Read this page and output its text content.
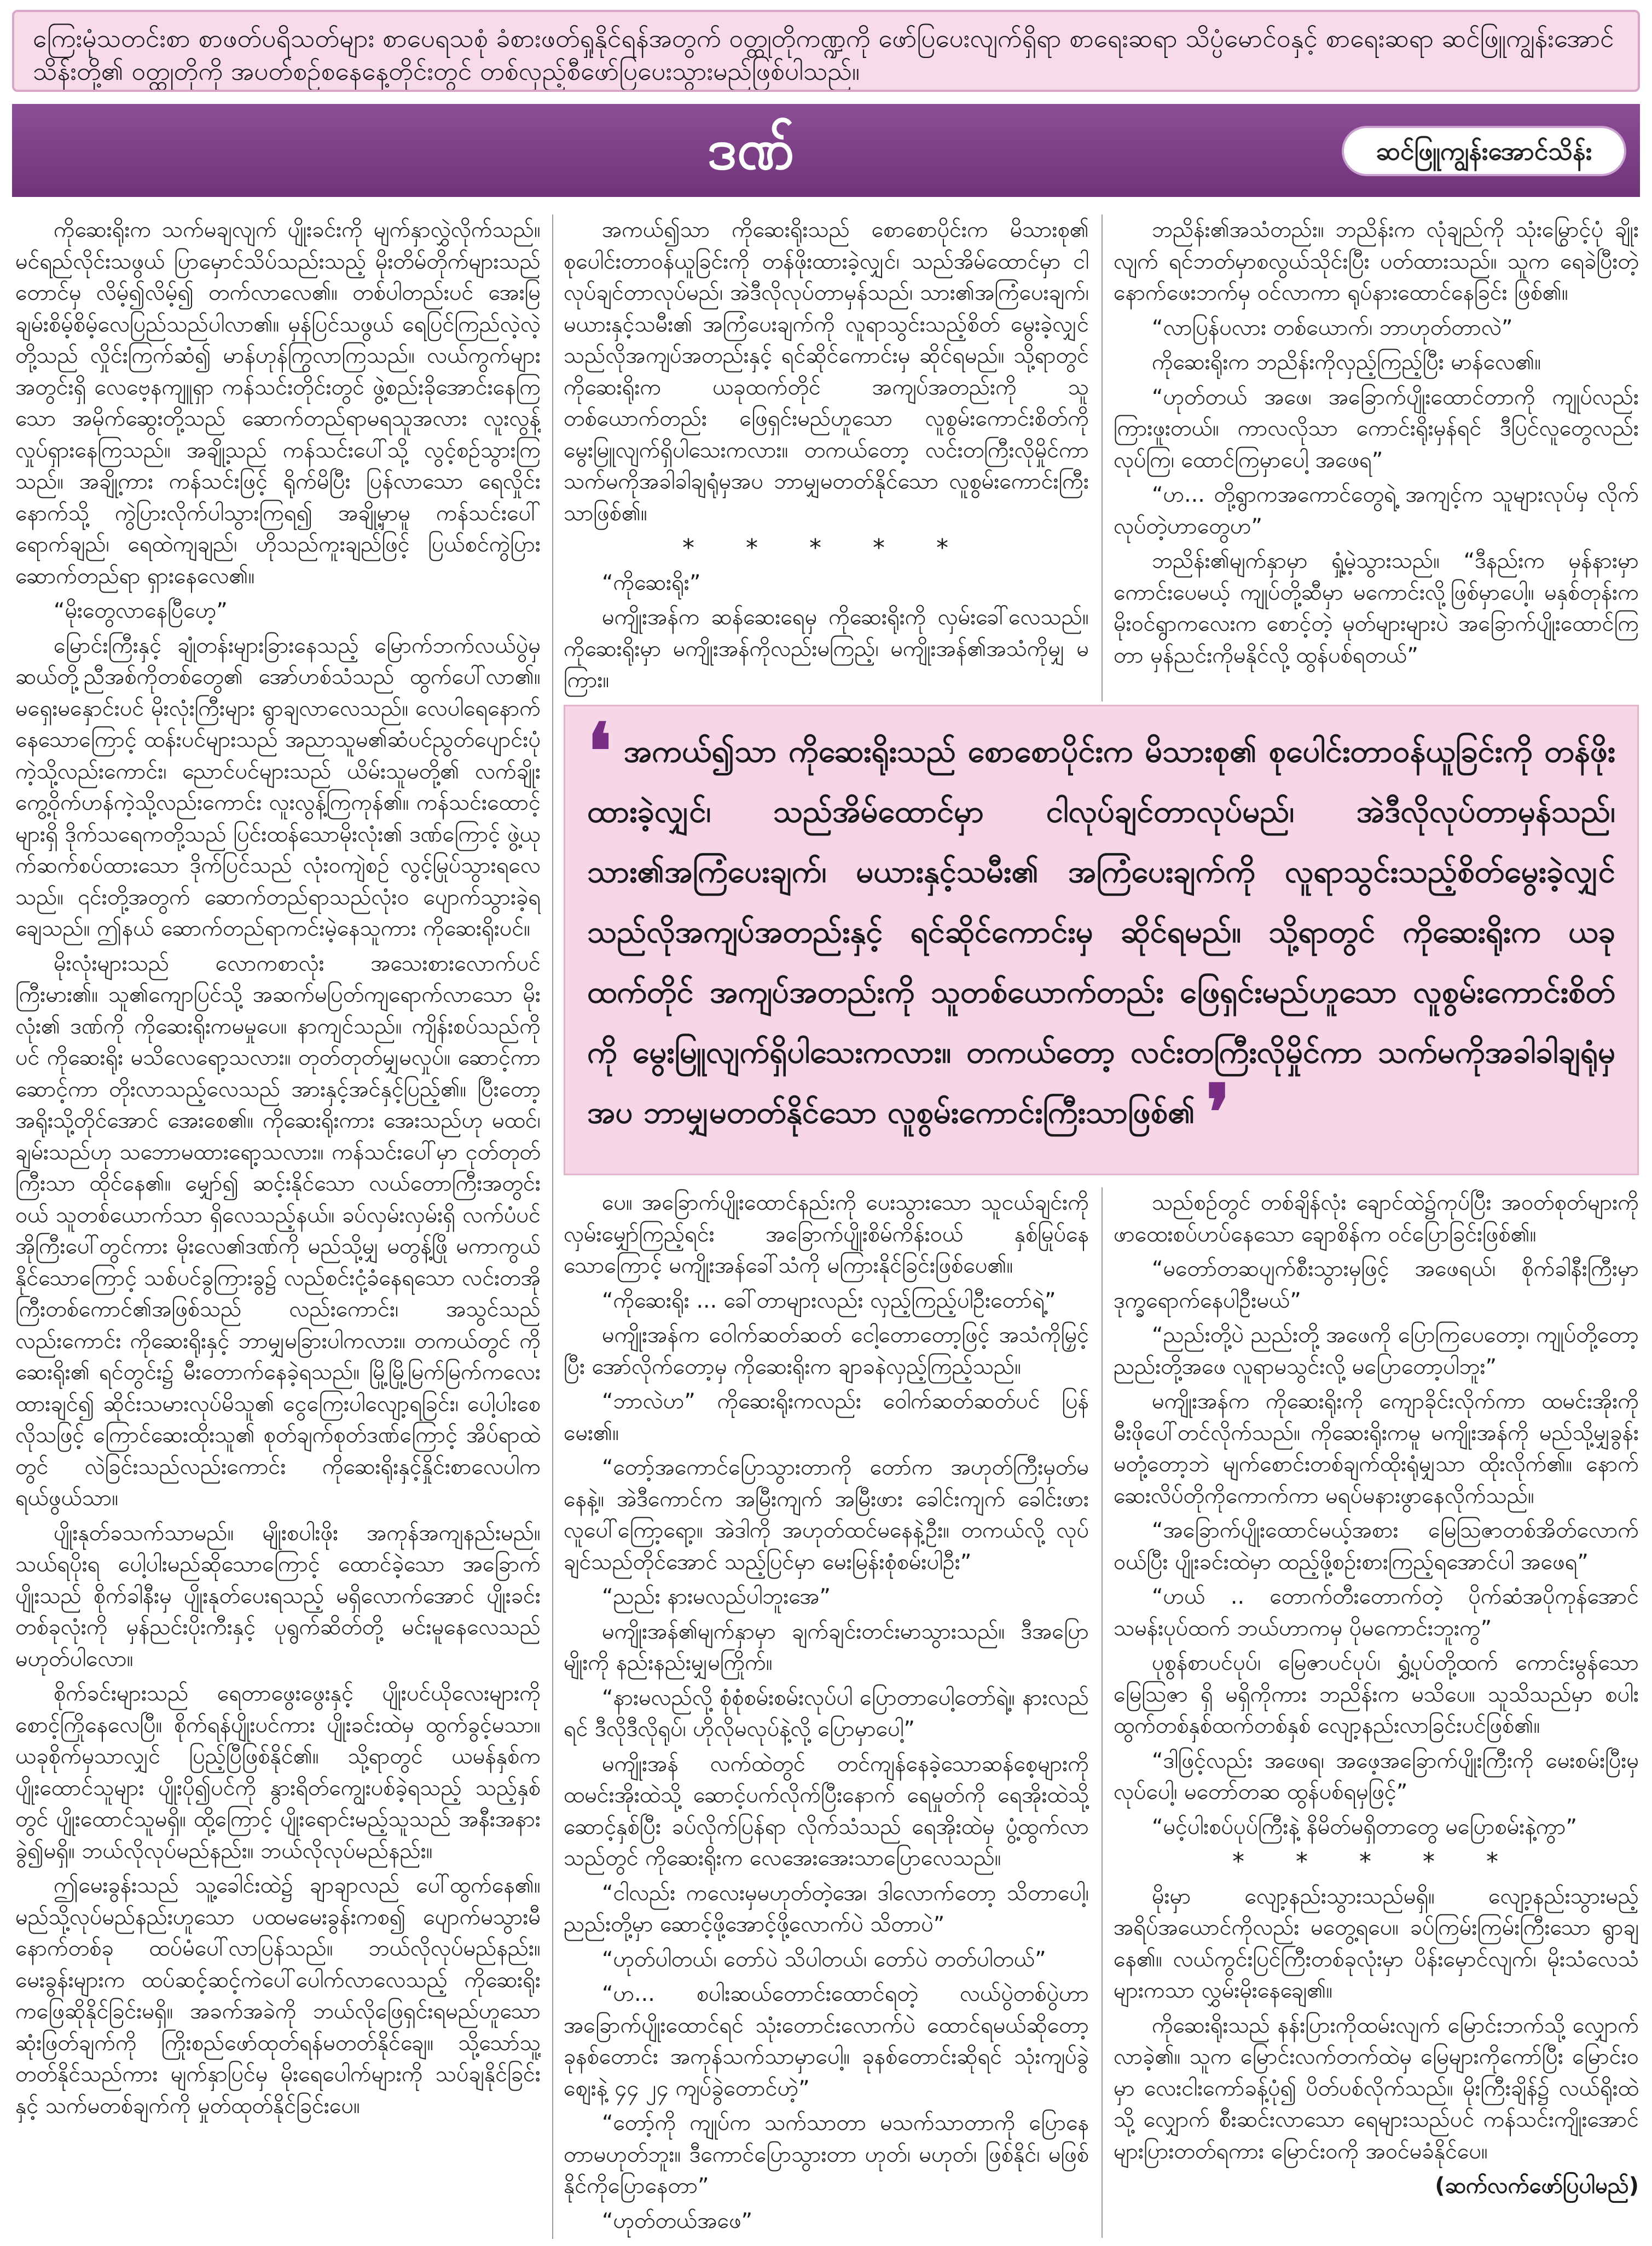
ကြေးမုံသတင်းစာ စာဖတ်ပရိသတ်များ စာပေရသစုံ ခံစားဖတ်ရှုနိုင်ရန်အတွက် ဝတ္ထုတိုကဏ္ဍကို ဖော်ပြပေးလျက်ရှိရာ စာရေးဆရာ သိပ္ပံမောင်ဝနှင့် စာရေးဆရာ ဆင်ဖြူကျွန်းအောင်သိန်းတို့၏ ဝတ္ထုတိုကို အပတ်စဉ်စနေနေ့တိုင်းတွင် တစ်လှည့်စီဖော်ပြပေးသွားမည်ဖြစ်ပါသည်။
ဒဏ်	ဆင်ဖြူကျွန်းအောင်သိန်း

ကိုဆေးရိုးက သက်မချလျက် ပျိုးခင်းကို မျက်နှာလွှဲလိုက်သည်။ မင်ရည်လိုင်းသဖွယ် ပြာမှောင်သိပ်သည်းသည့် မိုးတိမ်တိုက်များသည် တောင်မှ လိမ့်၍လိမ့်၍ တက်လာလေ၏။ တစ်ပါတည်းပင် အေးမြချမ်းစိမ့်စိမ့်လေပြည်သည်ပါလာ၏။ မှန်ပြင်သဖွယ် ရေပြင်ကြည်လဲ့လဲ့တို့သည် လှိုင်းကြက်ဆံ၍ မာန်ဟုန်ကြွလာကြသည်။ လယ်ကွက်များအတွင်းရှိ လေဗေ့နကျူရှာ ကန်သင်းတိုင်းတွင် ဖွဲ့စည်းခိုအောင်းနေကြသော အမိုက်ဆွေးတို့သည် ဆောက်တည်ရာမရသူအလား လူးလွန့်လှုပ်ရှားနေကြသည်။ အချို့သည် ကန်သင်းပေါ်သို့ လွင့်စဉ်သွားကြသည်။ အချို့ကား ကန်သင်းဖြင့် ရိုက်မိပြီး ပြန်လာသော ရေလှိုင်းနောက်သို့ ကွဲပြားလိုက်ပါသွားကြရ၍ အချို့မှာမူ ကန်သင်းပေါ် ရောက်ချည်၊ ရေထဲကျချည်၊ ဟိုသည်ကူးချည်ဖြင့် ပြယ်စင်ကွဲပြားဆောက်တည်ရာ ရှားနေလေ၏။

“မိုးတွေလာနေပြီဟေ့”

မြောင်းကြီးနှင့် ချုံတန်းများခြားနေသည့် မြောက်ဘက်လယ်ပွဲမှ ဆယ်တို့ညီအစ်ကိုတစ်တွေ၏ အော်ဟစ်သံသည် ထွက်ပေါ်လာ၏။ မရှေးမနှောင်းပင် မိုးလုံးကြီးများ ရွာချလာလေသည်။ လေပါရေနောက်နေသောကြောင့် ထန်းပင်များသည် အညာသူမ၏ဆံပင်ညွတ်ပျောင်းပုံကဲ့သို့လည်းကောင်း၊ ညောင်ပင်များသည် ယိမ်းသူမတို့၏ လက်ချိုးကွေ့ဝိုက်ဟန်ကဲ့သို့လည်းကောင်း လူးလွန့်ကြကုန်၏။ ကန်သင်းထောင့်များရှိ ဒိုက်သရေကတို့သည် ပြင်းထန်သောမိုးလုံး၏ ဒဏ်ကြောင့် ဖွဲ့ယုက်ဆက်စပ်ထားသော ဒိုက်ပြင်သည် လုံးဝကျဲစဉ် လွင့်မြုပ်သွားရလေသည်။ ၎င်းတို့အတွက် ဆောက်တည်ရာသည်လုံးဝ ပျောက်သွားခဲ့ရချေသည်။ ဤနယ် ဆောက်တည်ရာကင်းမဲ့နေသူကား ကိုဆေးရိုးပင်။

မိုးလုံးများသည် လောကစာလုံး အသေးစားလောက်ပင်ကြီးမား၏။ သူ၏ကျောပြင်သို့ အဆက်မပြတ်ကျရောက်လာသော မိုးလုံး၏ ဒဏ်ကို ကိုဆေးရိုးကမမှုပေ။ နာကျင်သည်။ ကျိန်းစပ်သည်ကိုပင် ကိုဆေးရိုး မသိလေရော့သလား။ တုတ်တုတ်မျှမလှုပ်။ ဆောင့်ကာဆောင့်ကာ တိုးလာသည့်လေသည် အားနှင့်အင်နှင့်ပြည့်၏။ ပြီးတော့ အရိုးသို့တိုင်အောင် အေးစေ၏။ ကိုဆေးရိုးကား အေးသည်ဟု မထင်၊ ချမ်းသည်ဟု သဘောမထားရော့သလား။ ကန်သင်းပေါ်မှာ ငုတ်တုတ်ကြီးသာ ထိုင်နေ၏။ မျှော်၍ ဆင့်းနိုင်သော လယ်တောကြီးအတွင်းဝယ် သူတစ်ယောက်သာ ရှိလေသည့်နယ်။ ခပ်လှမ်းလှမ်းရှိ လက်ပံပင်အိုကြီးပေါ်တွင်ကား မိုးလေ၏ဒဏ်ကို မည်သို့မျှ မတွန့်ဖြို မကာကွယ်နိုင်သောကြောင့် သစ်ပင်ခွကြားခွ၌ လည်စင်းငုံ့ခံနေရသော လင်းတအိုကြီးတစ်ကောင်၏အဖြစ်သည် လည်းကောင်း၊ အသွင်သည်လည်းကောင်း ကိုဆေးရိုးနှင့် ဘာမျှမခြားပါကလား။ တကယ်တွင် ကိုဆေးရိုး၏ ရင်တွင်း၌ မီးတောက်နေခဲ့ရသည်။ မြို့မြို့မြက်မြက်ကလေးထားချင်၍ ဆိုင်းသမားလုပ်မိသူ၏ ငွေကြေးပါလျော့ရခြင်း၊ ပေါ့ပါးစေလိုသဖြင့် ကြောင်ဆေးထိုးသူ၏ စုတ်ချက်စုတ်ဒဏ်ကြောင့် အိပ်ရာထဲတွင် လဲခြင်းသည်လည်းကောင်း ကိုဆေးရိုးနှင့်နှိုင်းစာလေပါက ရယ်ဖွယ်သာ။

ပျိုးနုတ်ခသက်သာမည်။ မျိုးစပါးဖိုး အကုန်အကျနည်းမည်။ သယ်ရပိုးရ ပေါ့ပါးမည်ဆိုသောကြောင့် ထောင်ခဲ့သော အခြောက်ပျိုးသည် စိုက်ခါနီးမှ ပျိုးနုတ်ပေးရသည့် မရှိလောက်အောင် ပျိုးခင်းတစ်ခုလုံးကို မှန်ညင်းပိုးကီးနှင့် ပုရွက်ဆိတ်တို့ မင်းမူနေလေသည် မဟုတ်ပါလော။

စိုက်ခင်းများသည် ရေတာဖွေးဖွေးနှင့် ပျိုးပင်ယိုလေးများကို စောင့်ကြိုနေလေပြီ။ စိုက်ရန်ပျိုးပင်ကား ပျိုးခင်းထဲမှ ထွက်ခွင့်မသာ။ ယခုစိုက်မှသာလျှင် ပြည့်ပြီဖြစ်နိုင်၏။ သို့ရာတွင် ယမန်နှစ်က ပျိုးထောင်သူများ ပျိုးပို၍ပင်ကို နွားရိတ်ကျွေးပစ်ခဲ့ရသည့် သည့်နှစ်တွင် ပျိုးထောင်သူမရှိ။ ထို့ကြောင့် ပျိုးရောင်းမည့်သူသည် အနီးအနားခွဲ၍မရှိ။ ဘယ်လိုလုပ်မည်နည်း။ ဘယ်လိုလုပ်မည်နည်း။

ဤမေးခွန်းသည် သူ့ခေါင်းထဲ၌ ချာချာလည် ပေါ်ထွက်နေ၏။ မည်သို့လုပ်မည်နည်းဟူသော ပထမမေးခွန်းကစ၍ ပျောက်မသွားမီ နောက်တစ်ခု ထပ်မံပေါ်လာပြန်သည်။ ဘယ်လိုလုပ်မည်နည်း။ မေးခွန်းများက ထပ်ဆင့်ဆင့်ကဲပေါ်ပေါက်လာလေသည့် ကိုဆေးရိုး ကဖြေဆိုနိုင်ခြင်းမရှိ။ အခက်အခဲကို ဘယ်လိုဖြေရှင်းရမည်ဟူသော ဆုံးဖြတ်ချက်ကို ကြိုးစည်ဖော်ထုတ်ရန်မတတ်နိုင်ချေ။ သို့သော်သူ့တတ်နိုင်သည်ကား မျက်နှာပြင်မှ မိုးရေပေါက်များကို သပ်ချနိုင်ခြင်းနှင့် သက်မတစ်ချက်ကို မှုတ်ထုတ်နိုင်ခြင်းပေ။

အကယ်၍သာ ကိုဆေးရိုးသည် စောစောပိုင်းက မိသားစု၏ စုပေါင်းတာဝန်ယူခြင်းကို တန်ဖိုးထားခဲ့လျှင်၊ သည်အိမ်ထောင်မှာ ငါလုပ်ချင်တာလုပ်မည်၊ အဲဒီလိုလုပ်တာမှန်သည်၊ သား၏အကြံပေးချက်၊ မယားနှင့်သမီး၏ အကြံပေးချက်ကို လူရာသွင်းသည့်စိတ် မွေးခဲ့လျှင် သည်လိုအကျပ်အတည်းနှင့် ရင်ဆိုင်ကောင်းမှ ဆိုင်ရမည်။ သို့ရာတွင် ကိုဆေးရိုးက ယခုထက်တိုင် အကျပ်အတည်းကို သူတစ်ယောက်တည်း ဖြေရှင်းမည်ဟူသော လူစွမ်းကောင်းစိတ်ကို မွေးမြူလျက်ရှိပါသေးကလား။ တကယ်တော့ လင်းတကြီးလိုမှိုင်ကာ သက်မကိုအခါခါချရုံမှအပ ဘာမျှမတတ်နိုင်သော လူစွမ်းကောင်းကြီးသာဖြစ်၏။

* * * * *

“ကိုဆေးရိုး”

မကျိုးအန်က ဆန်ဆေးရေမှ ကိုဆေးရိုးကို လှမ်းခေါ်လေသည်။ ကိုဆေးရိုးမှာ မကျိုးအန်ကိုလည်းမကြည့်၊ မကျိုးအန်၏အသံကိုမျှ မကြား။

ဘညိန်း၏အသံတည်း။ ဘညိန်းက လုံချည်ကို သုံးမြွောင့်ပုံ ချိုးလျက် ရင်ဘတ်မှာစလွယ်သိုင်းပြီး ပတ်ထားသည်။ သူက ရေခဲပြီးတဲ့နောက်ဖေးဘက်မှ ဝင်လာကာ ရုပ်နားထောင်နေခြင်း ဖြစ်၏။

“လာပြန်ပလား တစ်ယောက်၊ ဘာဟုတ်တာလဲ”

ကိုဆေးရိုးက ဘညိန်းကိုလှည့်ကြည့်ပြီး မာန်လေ၏။

“ဟုတ်တယ် အဖေ၊ အခြောက်ပျိုးထောင်တာကို ကျုပ်လည်း ကြားဖူးတယ်။ ကာလလိုသာ ကောင်းရိုးမှန်ရင် ဒီပြင်လူတွေလည်း လုပ်ကြ၊ ထောင်ကြမှာပေါ့ အဖေရ”

“ဟ... တို့ရွာကအကောင်တွေရဲ့ အကျင့်က သူများလုပ်မှ လိုက်လုပ်တဲ့ဟာတွေဟ”

ဘညိန်း၏မျက်နှာမှာ ရှုံ့မဲ့သွားသည်။ “ဒီနည်းက မှန်နားမှာ ကောင်းပေမယ့် ကျုပ်တို့ဆီမှာ မကောင်းလို့ဖြစ်မှာပေါ့။ မနှစ်တုန်းက မိုးဝင်ရွာကလေးက စောင့်တဲ့ မုတ်များများပဲ အခြောက်ပျိုးထောင်ကြတာ မှန်ညင်းကိုမနိုင်လို့ ထွန်ပစ်ရတယ်”

❛ အကယ်၍သာ ကိုဆေးရိုးသည် စောစောပိုင်းက မိသားစု၏ စုပေါင်းတာဝန်ယူခြင်းကို တန်ဖိုးထားခဲ့လျှင်၊ သည်အိမ်ထောင်မှာ ငါလုပ်ချင်တာလုပ်မည်၊ အဲဒီလိုလုပ်တာမှန်သည်၊ သား၏အကြံပေးချက်၊ မယားနှင့်သမီး၏ အကြံပေးချက်ကို လူရာသွင်းသည့်စိတ်မွေးခဲ့လျှင် သည်လိုအကျပ်အတည်းနှင့် ရင်ဆိုင်ကောင်းမှ ဆိုင်ရမည်။ သို့ရာတွင် ကိုဆေးရိုးက ယခုထက်တိုင် အကျပ်အတည်းကို သူတစ်ယောက်တည်း ဖြေရှင်းမည်ဟူသော လူစွမ်းကောင်းစိတ်ကို မွေးမြူလျက်ရှိပါသေးကလား။ တကယ်တော့ လင်းတကြီးလိုမှိုင်ကာ သက်မကိုအခါခါချရုံမှအပ ဘာမျှမတတ်နိုင်သော လူစွမ်းကောင်းကြီးသာဖြစ်၏ ❜

ပေ။ အခြောက်ပျိုးထောင်နည်းကို ပေးသွားသော သူငယ်ချင်းကို လှမ်းမျှော်ကြည့်ရင်း အခြောက်ပျိုးစိမ်ကိန်းဝယ် နှစ်မြုပ်နေသောကြောင့် မကျိုးအန်ခေါ်သံကို မကြားနိုင်ခြင်းဖြစ်ပေ၏။

“ကိုဆေးရိုး ... ခေါ်တာများလည်း လှည့်ကြည့်ပါဦးတော်ရဲ့”

မကျိုးအန်က ဝေါက်ဆတ်ဆတ် ငေါ့တောတော့ဖြင့် အသံကိုမြှင့်ပြီး အော်လိုက်တော့မှ ကိုဆေးရိုးက ချာခနဲလှည့်ကြည့်သည်။

“ဘာလဲဟ” ကိုဆေးရိုးကလည်း ဝေါက်ဆတ်ဆတ်ပင် ပြန်မေး၏။

“တော့်အကောင်ပြောသွားတာကို တော်က အဟုတ်ကြီးမှတ်မနေနဲ့။ အဲဒီကောင်က အမြီးကျက် အမြီးဖား ခေါင်းကျက် ခေါင်းဖားလူပေါ်ကြော့ရော့။ အဲဒါကို အဟုတ်ထင်မနေနဲ့ဦး။ တကယ်လို့ လုပ်ချင်သည်တိုင်အောင် သည့်ပြင်မှာ မေးမြန်းစုံစမ်းပါဦး”

“ညည်း နားမလည်ပါဘူးအေ”

မကျိုးအန်၏မျက်နှာမှာ ချက်ချင်းတင်းမာသွားသည်။ ဒီအပြောမျိုးကို နည်းနည်းမျှမကြိုက်။

“နားမလည်လို့ စုံစုံစမ်းစမ်းလုပ်ပါ ပြောတာပေါ့တော်ရဲ့။ နားလည်ရင် ဒီလိုဒီလိုရုပ်၊ ဟိုလိုမလုပ်နဲ့လို့ ပြောမှာပေါ့”

မကျိုးအန် လက်ထဲတွင် တင်ကျန်နေခဲ့သောဆန်စေ့များကို ထမင်းအိုးထဲသို့ ဆောင့်ပက်လိုက်ပြီးနောက် ရေမှုတ်ကို ရေအိုးထဲသို့ ဆောင့်နှစ်ပြီး ခပ်လိုက်ပြန်ရာ လိုက်သံသည် ရေအိုးထဲမှ ပွံ့ထွက်လာသည်တွင် ကိုဆေးရိုးက လေအေးအေးသာပြောလေသည်။

“ငါလည်း ကလေးမှမဟုတ်တဲ့အေ၊ ဒါလောက်တော့ သိတာပေါ့၊ ညည်းတို့မှာ ဆောင့်ဖို့အောင့်ဖို့လောက်ပဲ သိတာပဲ”

“ဟုတ်ပါတယ်၊ တော်ပဲ သိပါတယ်၊ တော်ပဲ တတ်ပါတယ်”

“ဟ... စပါးဆယ်တောင်းထောင်ရတဲ့ လယ်ပွဲတစ်ပွဲဟာ အခြောက်ပျိုးထောင်ရင် သုံးတောင်းလောက်ပဲ ထောင်ရမယ်ဆိုတော့ ခုနစ်တောင်း အကုန်သက်သာမှာပေါ့။ ခုနစ်တောင်းဆိုရင် သုံးကျပ်ခွဲစျေးနဲ့ ၄၄ ၂၄ ကျပ်ခွဲတောင်ဟဲ့”

“တော့်ကို ကျုပ်က သက်သာတာ မသက်သာတာကို ပြောနေတာမဟုတ်ဘူး။ ဒီကောင်ပြောသွားတာ ဟုတ်၊ မဟုတ်၊ ဖြစ်နိုင်၊ မဖြစ်နိုင်ကိုပြောနေတာ”

“ဟုတ်တယ်အဖေ”

သည်စဉ်တွင် တစ်ချိန်လုံး ချောင်ထဲ၌ကုပ်ပြီး အဝတ်စုတ်များကို ဖာထေးစပ်ဟပ်နေသော ချောစိန်က ဝင်ပြောခြင်းဖြစ်၏။

“မတော်တဆပျက်စီးသွားမှဖြင့် အဖေရယ်၊ စိုက်ခါနီးကြီးမှာ ဒုက္ခရောက်နေပါဦးမယ်”

“ညည်းတို့ပဲ ညည်းတို့ အဖေကို ပြောကြပေတော့၊ ကျုပ်တို့တော့ ညည်းတို့အဖေ လူရာမသွင်းလို့ မပြောတော့ပါဘူး”

မကျိုးအန်က ကိုဆေးရိုးကို ကျောခိုင်းလိုက်ကာ ထမင်းအိုးကို မီးဖိုပေါ်တင်လိုက်သည်။ ကိုဆေးရိုးကမူ မကျိုးအန်ကို မည်သို့မျှခွန်းမတုံ့တော့ဘဲ မျက်စောင်းတစ်ချက်ထိုးရုံမျှသာ ထိုးလိုက်၏။ နောက်ဆေးလိပ်တိုကိုကောက်ကာ မရပ်မနားဖွာနေလိုက်သည်။

“အခြောက်ပျိုးထောင်မယ့်အစား မြေဩဇာတစ်အိတ်လောက်ဝယ်ပြီး ပျိုးခင်းထဲမှာ ထည့်ဖို့စဉ်းစားကြည့်ရအောင်ပါ အဖေရ”

“ဟယ် .. တောက်တီးတောက်တဲ့ ပိုက်ဆံအပိုကုန်အောင် သမန်းပုပ်ထက် ဘယ်ဟာကမှ ပိုမကောင်းဘူးကွ”

ပုစွန်စာပင်ပုပ်၊ မြေဇာပင်ပုပ်၊ ရွှံ့ပုပ်တို့ထက် ကောင်းမွန်သော မြေဩဇာ ရှိ မရှိကိုကား ဘညိန်းက မသိပေ။ သူသိသည်မှာ စပါးထွက်တစ်နှစ်ထက်တစ်နှစ် လျော့နည်းလာခြင်းပင်ဖြစ်၏။

“ဒါဖြင့်လည်း အဖေရ၊ အဖေ့အခြောက်ပျိုးကြီးကို မေးစမ်းပြီးမှလုပ်ပေါ့၊ မတော်တဆ ထွန်ပစ်ရမှဖြင့်”

“မင့်ပါးစပ်ပုပ်ကြီးနဲ့ နိမိတ်မရှိတာတွေ မပြောစမ်းနဲ့ကွာ”

* * * * *

မိုးမှာ လျော့နည်းသွားသည်မရှိ။ လျော့နည်းသွားမည့် အရိပ်အယောင်ကိုလည်း မတွေ့ရပေ။ ခပ်ကြမ်းကြမ်းကြီးသော ရွာချနေ၏။ လယ်ကွင်းပြင်ကြီးတစ်ခုလုံးမှာ ပိန်းမှောင်လျက်၊ မိုးသံလေသံများကသာ လွှမ်းမိုးနေချေ၏။

ကိုဆေးရိုးသည် နန်းပြားကိုထမ်းလျက် မြောင်းဘက်သို့ လျှောက်လာခဲ့၏။ သူက မြောင်းလက်တက်ထဲမှ မြေများကိုကော်ပြီး မြောင်းဝမှာ လေးငါးကော်ခန့်ပုံ၍ ပိတ်ပစ်လိုက်သည်။ မိုးကြီးချိန်၌ လယ်ရိုးထဲသို့ လျှောက် စီးဆင်းလာသော ရေများသည်ပင် ကန်သင်းကျိုးအောင် များပြားတတ်ရကား မြောင်းဝကို အဝင်မခံနိုင်ပေ။

(ဆက်လက်ဖော်ပြပါမည်)
